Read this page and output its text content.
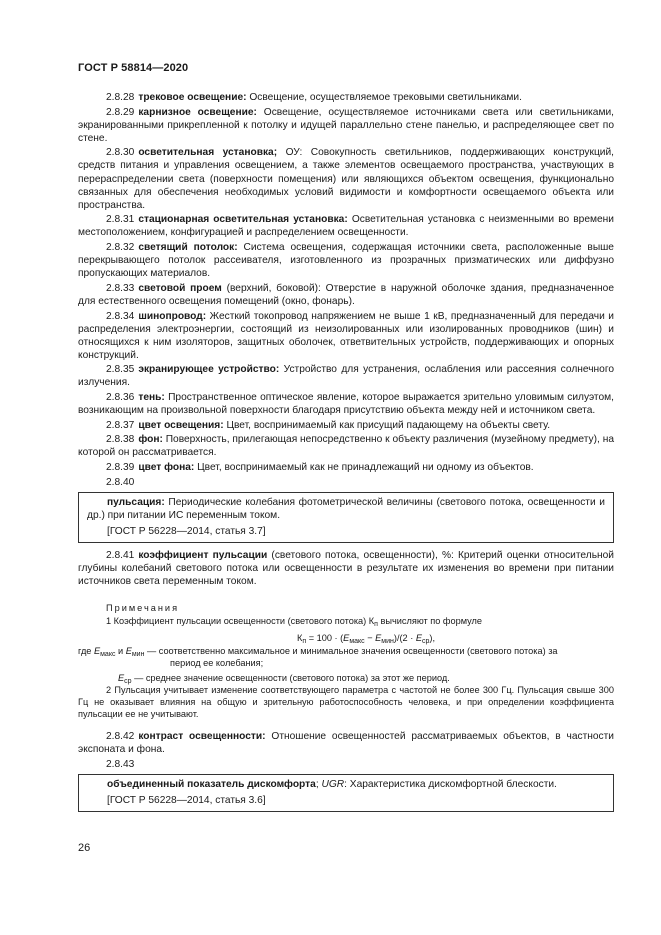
ГОСТ Р 58814—2020

2.8.28 трековое освещение: Освещение, осуществляемое трековыми светильниками.

2.8.29 карнизное освещение: Освещение, осуществляемое источниками света или светильниками, экранированными прикрепленной к потолку и идущей параллельно стене панелью, и распределяющее свет по стене.

2.8.30 осветительная установка; ОУ: Совокупность светильников, поддерживающих конструкций, средств питания и управления освещением, а также элементов освещаемого пространства, участвующих в перераспределении света (поверхности помещения) или являющихся объектом освещения, функционально связанных для обеспечения необходимых условий видимости и комфортности освещаемого объекта или пространства.

2.8.31 стационарная осветительная установка: Осветительная установка с неизменными во времени местоположением, конфигурацией и распределением освещенности.

2.8.32 светящий потолок: Система освещения, содержащая источники света, расположенные выше перекрывающего потолок рассеивателя, изготовленного из прозрачных призматических или диффузно пропускающих материалов.

2.8.33 световой проем (верхний, боковой): Отверстие в наружной оболочке здания, предназначенное для естественного освещения помещений (окно, фонарь).

2.8.34 шинопровод: Жесткий токопровод напряжением не выше 1 кВ, предназначенный для передачи и распределения электроэнергии, состоящий из неизолированных или изолированных проводников (шин) и относящихся к ним изоляторов, защитных оболочек, ответвительных устройств, поддерживающих и опорных конструкций.

2.8.35 экранирующее устройство: Устройство для устранения, ослабления или рассеяния солнечного излучения.

2.8.36 тень: Пространственное оптическое явление, которое выражается зрительно уловимым силуэтом, возникающим на произвольной поверхности благодаря присутствию объекта между ней и источником света.

2.8.37 цвет освещения: Цвет, воспринимаемый как присущий падающему на объекты свету.

2.8.38 фон: Поверхность, прилегающая непосредственно к объекту различения (музейному предмету), на которой он рассматривается.

2.8.39 цвет фона: Цвет, воспринимаемый как не принадлежащий ни одному из объектов.

2.8.40

пульсация: Периодические колебания фотометрической величины (светового потока, освещенности и др.) при питании ИС переменным током.

[ГОСТ Р 56228—2014, статья 3.7]

2.8.41 коэффициент пульсации (светового потока, освещенности), %: Критерий оценки относительной глубины колебаний светового потока или освещенности в результате их изменения во времени при питании источников света переменным током.

Примечания

1 Коэффициент пульсации освещенности (светового потока) $К_п$ вычисляют по формуле

$К_п = 100 \cdot (Е_{макс} - Е_{мин})/(2 \cdot Е_{ср})$,

где $Е_{макс}$ и $Е_{мин}$ — соответственно максимальное и минимальное значения освещенности (светового потока) за

период ее колебания;

$Е_{ср}$ — среднее значение освещенности (светового потока) за этот же период.

2 Пульсация учитывает изменение соответствующего параметра с частотой не более 300 Гц. Пульсация свыше 300 Гц не оказывает влияния на общую и зрительную работоспособность человека, и при определении коэффициента пульсации ее не учитывают.

2.8.42 контраст освещенности: Отношение освещенностей рассматриваемых объектов, в частности экспоната и фона.

2.8.43

объединенный показатель дискомфорта; UGR: Характеристика дискомфортной блескости.

[ГОСТ Р 56228—2014, статья 3.6]

26
